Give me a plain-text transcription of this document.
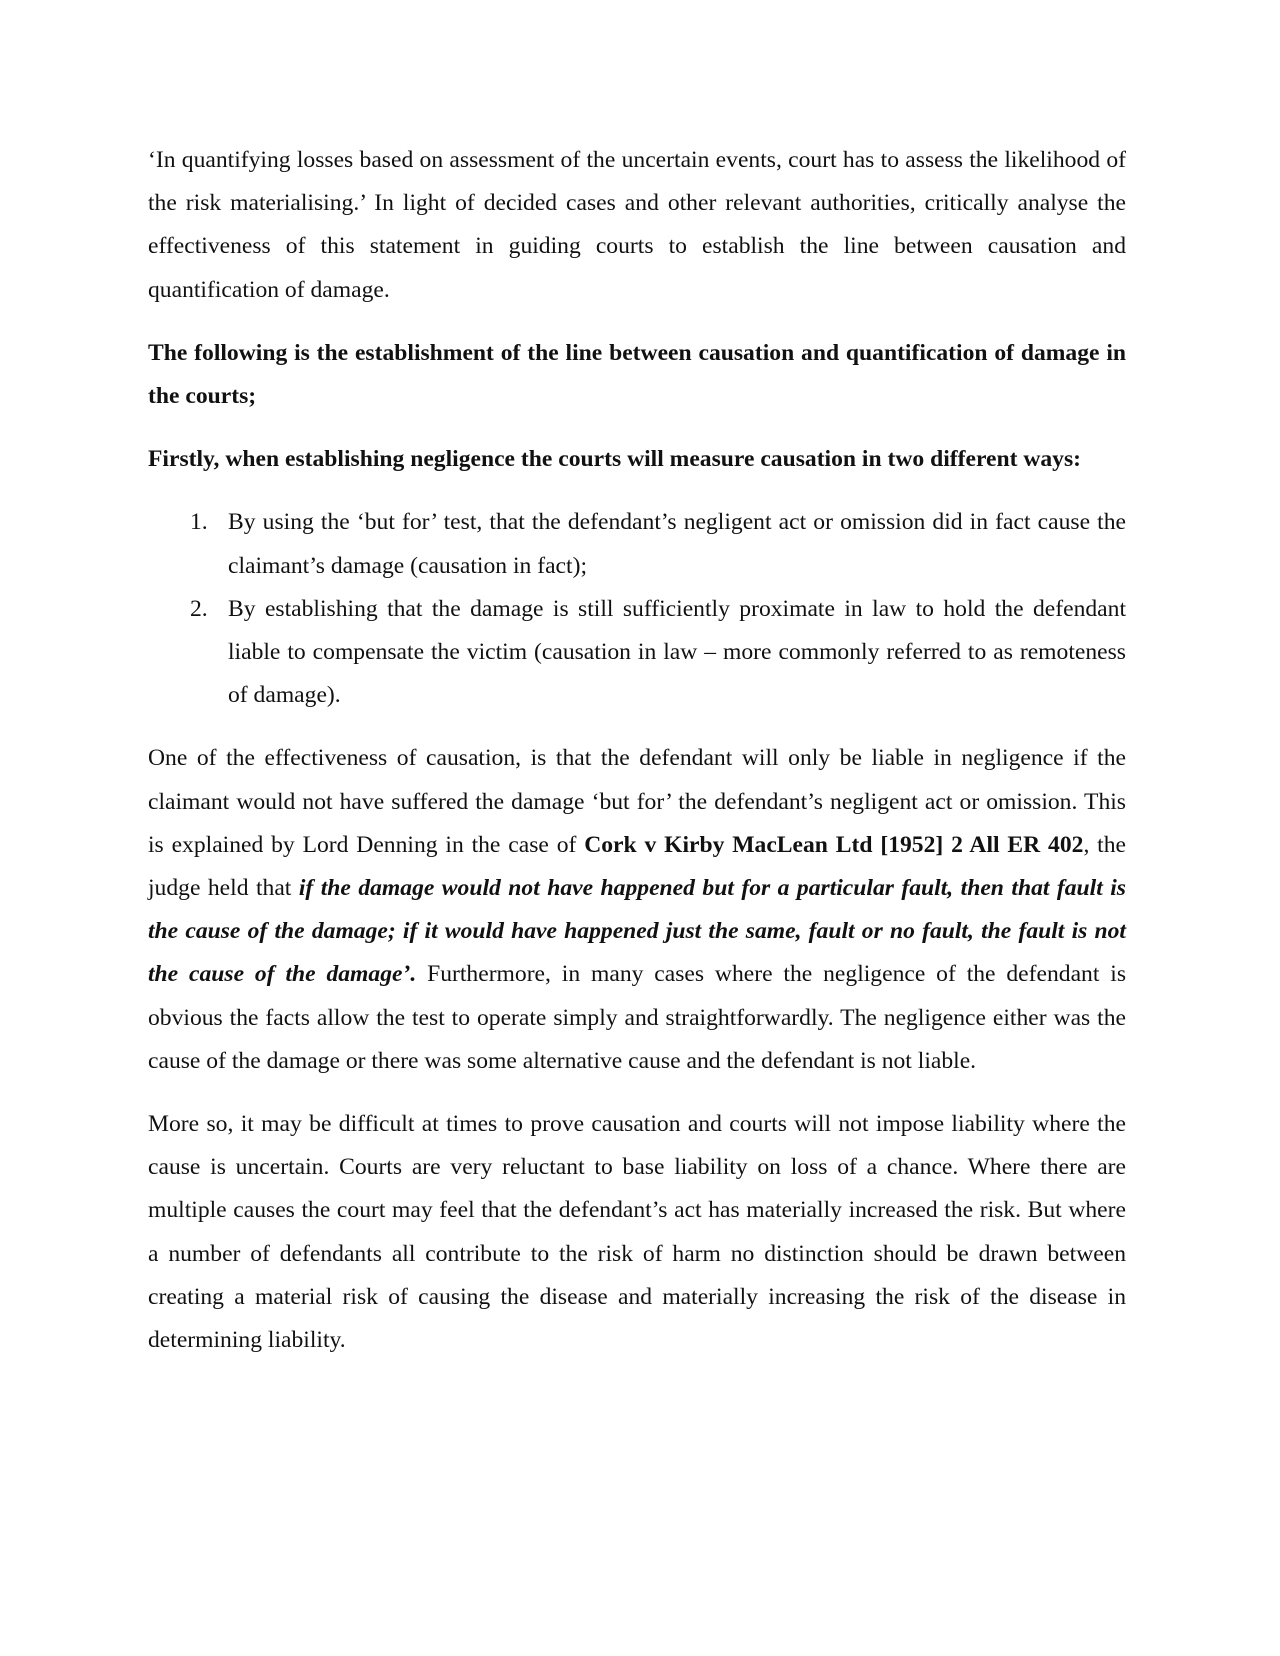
‘In quantifying losses based on assessment of the uncertain events, court has to assess the likelihood of the risk materialising.’ In light of decided cases and other relevant authorities, critically analyse the effectiveness of this statement in guiding courts to establish the line between causation and quantification of damage.

The following is the establishment of the line between causation and quantification of damage in the courts;

Firstly, when establishing negligence the courts will measure causation in two different ways:

1. By using the ‘but for’ test, that the defendant’s negligent act or omission did in fact cause the claimant’s damage (causation in fact);
2. By establishing that the damage is still sufficiently proximate in law to hold the defendant liable to compensate the victim (causation in law – more commonly referred to as remoteness of damage).

One of the effectiveness of causation, is that the defendant will only be liable in negligence if the claimant would not have suffered the damage ‘but for’ the defendant’s negligent act or omission. This is explained by Lord Denning in the case of Cork v Kirby MacLean Ltd [1952] 2 All ER 402, the judge held that if the damage would not have happened but for a particular fault, then that fault is the cause of the damage; if it would have happened just the same, fault or no fault, the fault is not the cause of the damage’. Furthermore, in many cases where the negligence of the defendant is obvious the facts allow the test to operate simply and straightforwardly. The negligence either was the cause of the damage or there was some alternative cause and the defendant is not liable.

More so, it may be difficult at times to prove causation and courts will not impose liability where the cause is uncertain. Courts are very reluctant to base liability on loss of a chance. Where there are multiple causes the court may feel that the defendant’s act has materially increased the risk. But where a number of defendants all contribute to the risk of harm no distinction should be drawn between creating a material risk of causing the disease and materially increasing the risk of the disease in determining liability.
